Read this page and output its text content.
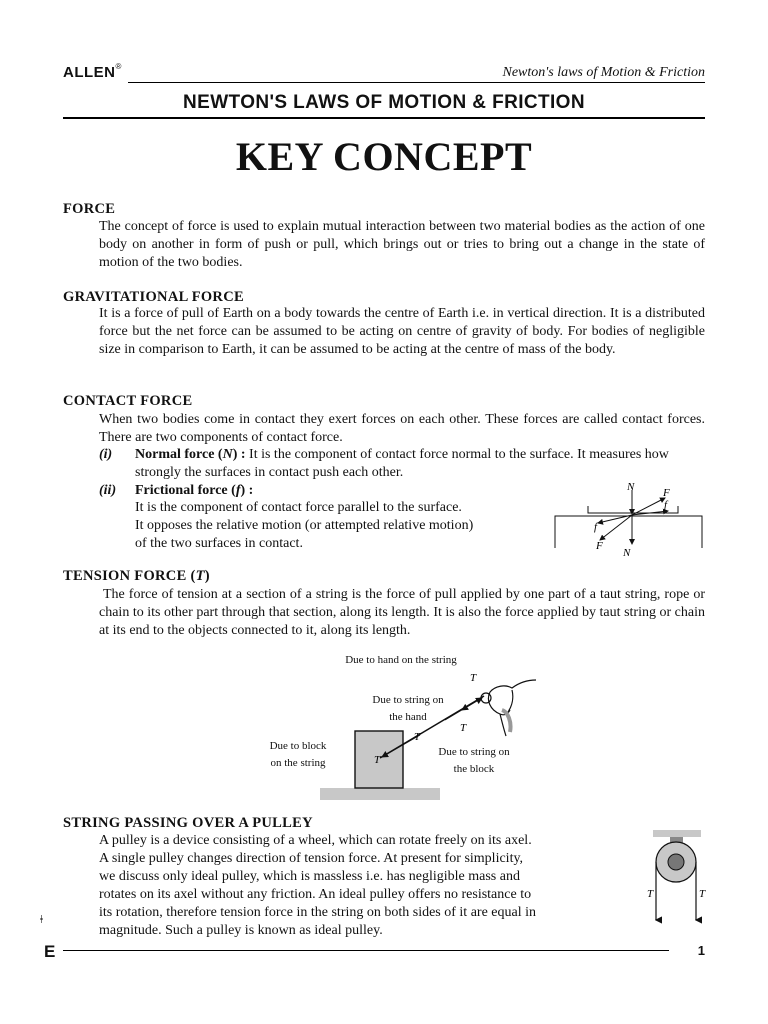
ALLEN®	Newton's laws of Motion & Friction
NEWTON'S LAWS OF MOTION & FRICTION
KEY CONCEPT
FORCE
The concept of force is used to explain mutual interaction between two material bodies as the action of one body on another in form of push or pull, which brings out or tries to bring out a change in the state of motion of the two bodies.
GRAVITATIONAL FORCE
It is a force of pull of Earth on a body towards the centre of Earth i.e. in vertical direction. It is a distributed force but the net force can be assumed to be acting on centre of gravity of body. For bodies of negligible size in comparison to Earth, it can be assumed to be acting at the centre of mass of the body.
CONTACT FORCE
When two bodies come in contact they exert forces on each other. These forces are called contact forces. There are two components of contact force.
(i) Normal force (N) : It is the component of contact force normal to the surface. It measures how
strongly the surfaces in contact push each other.
(ii) Frictional force (f) :
It is the component of contact force parallel to the surface.
It opposes the relative motion (or attempted relative motion)
of the two surfaces in contact.
N
N
F
f
f
F
TENSION FORCE (T)
The force of tension at a section of a string is the force of pull applied by one part of a taut string, rope or chain to its other part through that section, along its length. It is also the force applied by taut string or chain at its end to the objects connected to it, along its length.
T
T
T
T
Due to hand on the string
Due to string on
the hand
Due to block
on the string
Due to string on
the block
STRING PASSING OVER A PULLEY
A pulley is a device consisting of a wheel, which can rotate freely on its axel.
A single pulley changes direction of tension force. At present for simplicity,
we discuss only ideal pulley, which is massless i.e. has negligible mass and
rotates on its axel without any friction. An ideal pulley offers no resistance to
its rotation, therefore tension force in the string on both sides of it are equal in
magnitude. Such a pulley is known as ideal pulley.
T	T
ǂ
E	1
